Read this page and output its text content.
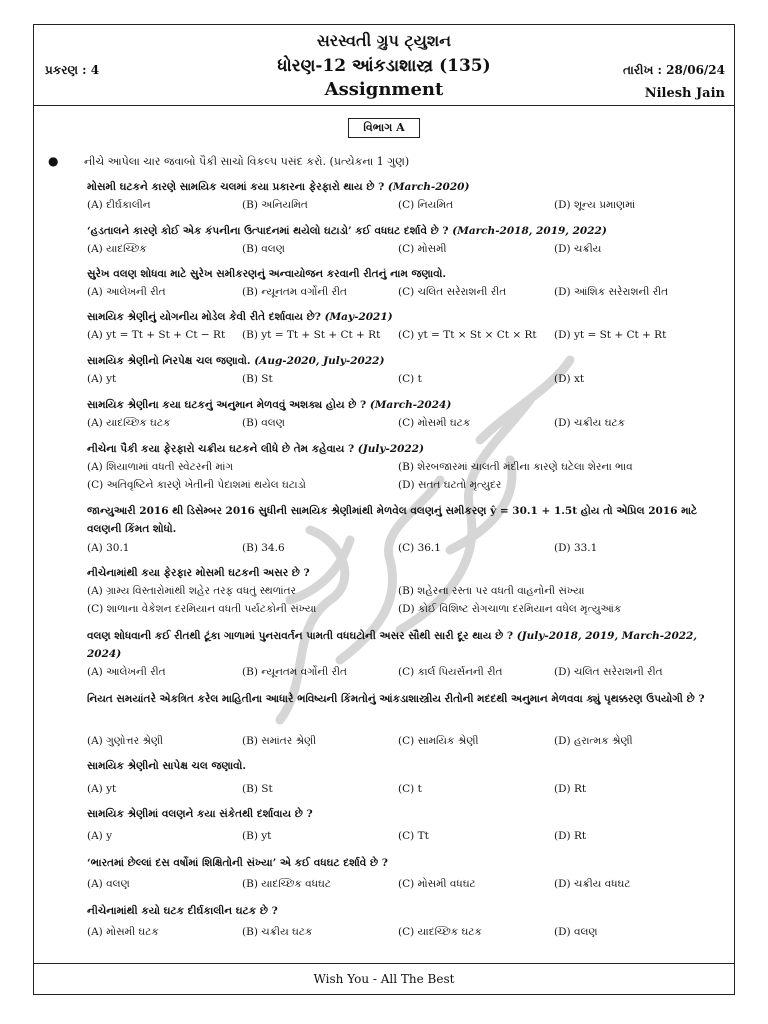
સરસ્વતી ગ્રુપ ટ્યુશન
ધોરણ-12 આંકડાશાસ્ત્ર (135)
Assignment
પ્રકરણ : 4	તારીખ : 28/06/24
Nilesh Jain
વિભાગ A
● નીચે આપેલા ચાર જવાબો પૈકી સાચો વિકલ્પ પસંદ કરો. (પ્રત્યેકના 1 ગુણ)
મોસમી ઘટકને કારણે સામયિક ચલમાં કયા પ્રકારના ફેરફારો થાય છે ? (March-2020)
(A) દીર્ઘકાલીન	(B) અનિયમિત	(C) નિયમિત	(D) શૂન્ય પ્રમાણમાં
‘હડતાલને કારણે કોઈ એક કંપનીના ઉત્પાદનમાં થયેલો ઘટાડો’ કઈ વધઘટ દર્શાવે છે ? (March-2018, 2019, 2022)
(A) યાદચ્છિક	(B) વલણ	(C) મોસમી	(D) ચક્રીય
સુરેખ વલણ શોધવા માટે સુરેખ સમીકરણનું અન્વાયોજન કરવાની રીતનું નામ જણાવો.
(A) આલેખની રીત	(B) ન્યૂનતમ વર્ગોની રીત	(C) ચલિત સરેરાશની રીત	(D) આંશિક સરેરાશની રીત
સામયિક શ્રેણીનું યોગનીય મોડેલ કેવી રીતે દર્શાવાય છે? (May-2021)
(A) yt = Tt + St + Ct − Rt (B) yt = Tt + St + Ct + Rt (C) yt = Tt × St × Ct × Rt (D) yt = St + Ct + Rt
સામયિક શ્રેણીનો નિરપેક્ષ ચલ જણાવો. (Aug-2020, July-2022)
(A) yt	(B) St	(C) t	(D) xt
સામયિક શ્રેણીના કયા ઘટકનું અનુમાન મેળવવું અશક્ય હોય છે ? (March-2024)
(A) યાદચ્છિક ઘટક	(B) વલણ	(C) મોસમી ઘટક	(D) ચક્રીય ઘટક
નીચેના પૈકી કયા ફેરફારો ચક્રીય ઘટકને લીધે છે તેમ કહેવાય ? (July-2022)
(A) શિયાળામાં વધતી સ્વેટરની માંગ	(B) શેરબજારમાં ચાલતી મંદીના કારણે ઘટેલા શેરના ભાવ
(C) અતિવૃષ્ટિને કારણે ખેતીની પેદાશમાં થયેલ ઘટાડો	(D) સતત ઘટતો મૃત્યુદર
જાન્યુઆરી 2016 થી ડિસેમ્બર 2016 સુધીની સામયિક શ્રેણીમાંથી મેળવેલ વલણનું સમીકરણ ŷ = 30.1 + 1.5t હોય તો એપ્રિલ 2016 માટે વલણની કિંમત શોધો.
(A) 30.1	(B) 34.6	(C) 36.1	(D) 33.1
નીચેનામાંથી કયા ફેરફાર મોસમી ઘટકની અસર છે ?
(A) ગ્રામ્ય વિસ્તારોમાંથી શહેર તરફ વધતું સ્થળાંતર	(B) શહેરના રસ્તા પર વધતી વાહનોની સંખ્યા
(C) શાળાના વેકેશન દરમિયાન વધતી પર્યટકોની સંખ્યા	(D) કોઈ વિશિષ્ટ રોગચાળા દરમિયાન વધેલ મૃત્યુઆંક
વલણ શોધવાની કઈ રીતથી ટૂંકા ગાળામાં પુનરાવર્તન પામતી વધઘટોની અસર સૌથી સારી દૂર થાય છે ? (July-2018, 2019, March-2022, 2024)
(A) આલેખની રીત	(B) ન્યૂનતમ વર્ગોની રીત	(C) કાર્લ પિયર્સનની રીત	(D) ચલિત સરેરાશની રીત
નિયત સમયાંતરે એકત્રિત કરેલ માહિતીના આધારે ભવિષ્યની કિંમતોનું આંકડાશાસ્ત્રીય રીતોની મદદથી અનુમાન મેળવવા ક્યું પૃથક્કરણ ઉપયોગી છે ?
(A) ગુણોત્તર શ્રેણી	(B) સમાંતર શ્રેણી	(C) સામયિક શ્રેણી	(D) હરાત્મક શ્રેણી
સામયિક શ્રેણીનો સાપેક્ષ ચલ જણાવો.
(A) yt	(B) St	(C) t	(D) Rt
સામયિક શ્રેણીમાં વલણને કયા સંકેતથી દર્શાવાય છે ?
(A) y	(B) yt	(C) Tt	(D) Rt
‘ભારતમાં છેલ્લાં દસ વર્ષોમાં શિક્ષિતોની સંખ્યા’ એ કઈ વધઘટ દર્શાવે છે ?
(A) વલણ	(B) યાદચ્છિક વધઘટ	(C) મોસમી વધઘટ	(D) ચક્રીય વધઘટ
નીચેનામાંથી કયો ઘટક દીર્ઘકાલીન ઘટક છે ?
(A) મોસમી ઘટક	(B) ચક્રીય ઘટક	(C) યાદચ્છિક ઘટક	(D) વલણ
Wish You - All The Best
